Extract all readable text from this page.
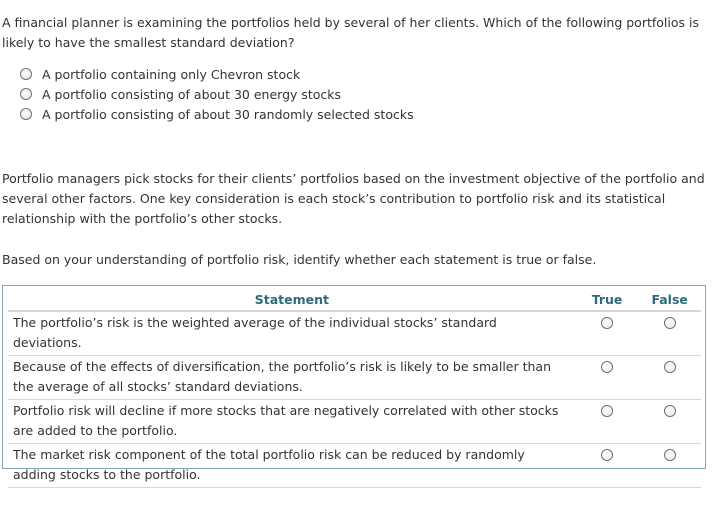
A financial planner is examining the portfolios held by several of her clients. Which of the following portfolios is likely to have the smallest standard deviation?
A portfolio containing only Chevron stock
A portfolio consisting of about 30 energy stocks
A portfolio consisting of about 30 randomly selected stocks
Portfolio managers pick stocks for their clients’ portfolios based on the investment objective of the portfolio and several other factors. One key consideration is each stock’s contribution to portfolio risk and its statistical relationship with the portfolio’s other stocks.
Based on your understanding of portfolio risk, identify whether each statement is true or false.
Statement	True	False
The portfolio’s risk is the weighted average of the individual stocks’ standard deviations.		
Because of the effects of diversification, the portfolio’s risk is likely to be smaller than the average of all stocks’ standard deviations.		
Portfolio risk will decline if more stocks that are negatively correlated with other stocks are added to the portfolio.		
The market risk component of the total portfolio risk can be reduced by randomly adding stocks to the portfolio.		
